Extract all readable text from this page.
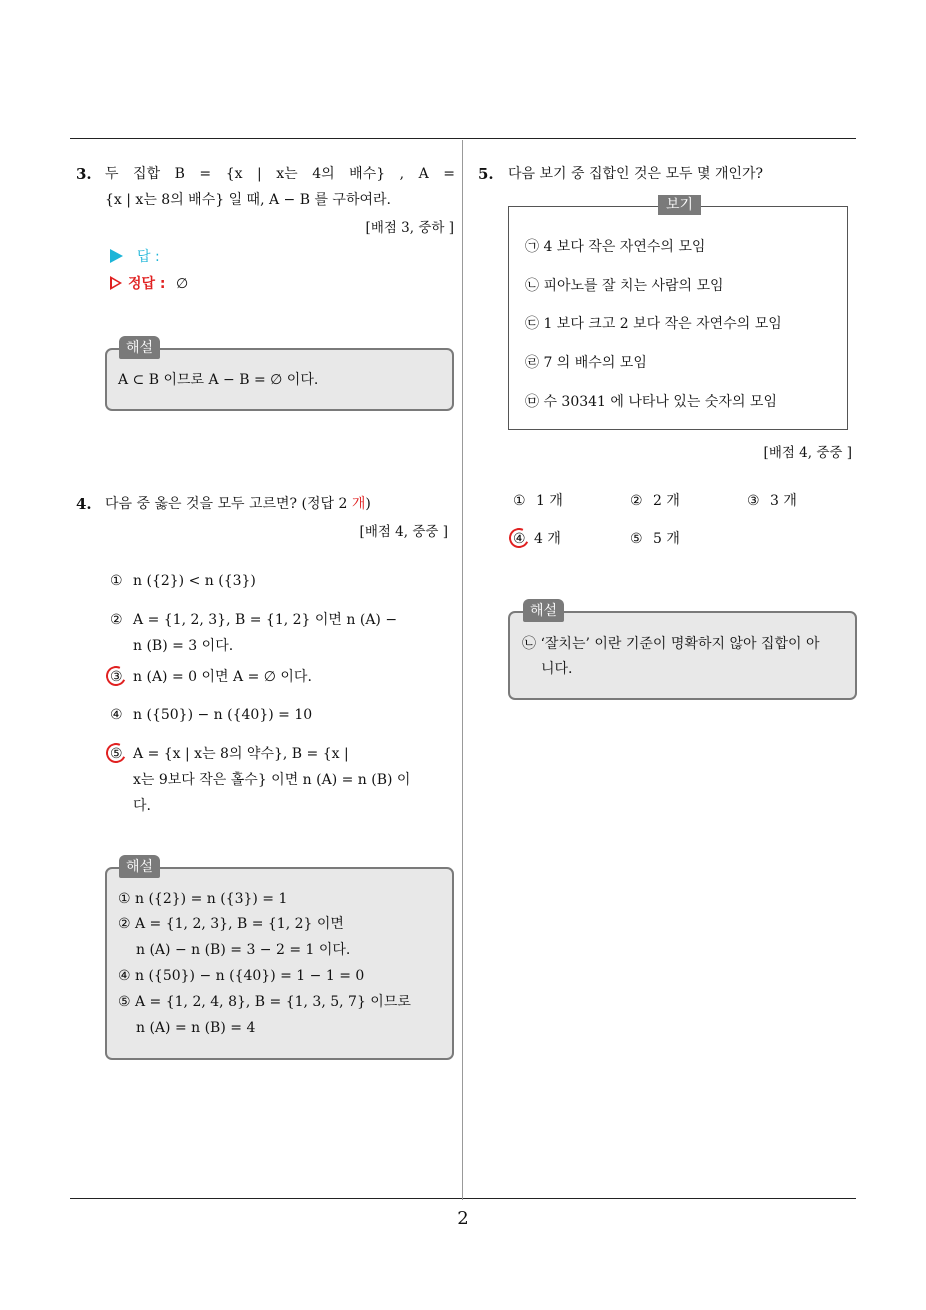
3. 두 집합 B = {x | x는 4의 배수} , A =
{x | x는 8의 배수} 일 때, A − B 를 구하여라.
[배점 3, 중하 ]
답 :
정답 : ∅
해설
A ⊂ B 이므로 A − B = ∅ 이다.
4. 다음 중 옳은 것을 모두 고르면? (정답 2 개)
[배점 4, 중중 ]
① n ({2}) < n ({3})
② A = {1, 2, 3}, B = {1, 2} 이면 n (A) −
n (B) = 3 이다.
③ n (A) = 0 이면 A = ∅ 이다.
④ n ({50}) − n ({40}) = 10
⑤ A = {x | x는 8의 약수}, B = {x |
x는 9보다 작은 홀수} 이면 n (A) = n (B) 이
다.
해설
① n ({2}) = n ({3}) = 1
② A = {1, 2, 3}, B = {1, 2} 이면
n (A) − n (B) = 3 − 2 = 1 이다.
④ n ({50}) − n ({40}) = 1 − 1 = 0
⑤ A = {1, 2, 4, 8}, B = {1, 3, 5, 7} 이므로
n (A) = n (B) = 4
5. 다음 보기 중 집합인 것은 모두 몇 개인가?
보기
㉠ 4 보다 작은 자연수의 모임
㉡ 피아노를 잘 치는 사람의 모임
㉢ 1 보다 크고 2 보다 작은 자연수의 모임
㉣ 7 의 배수의 모임
㉤ 수 30341 에 나타나 있는 숫자의 모임
[배점 4, 중중 ]
① 1 개	② 2 개	③ 3 개
④ 4 개	⑤ 5 개
해설
㉡ ‘잘치는’ 이란 기준이 명확하지 않아 집합이 아
니다.
2
